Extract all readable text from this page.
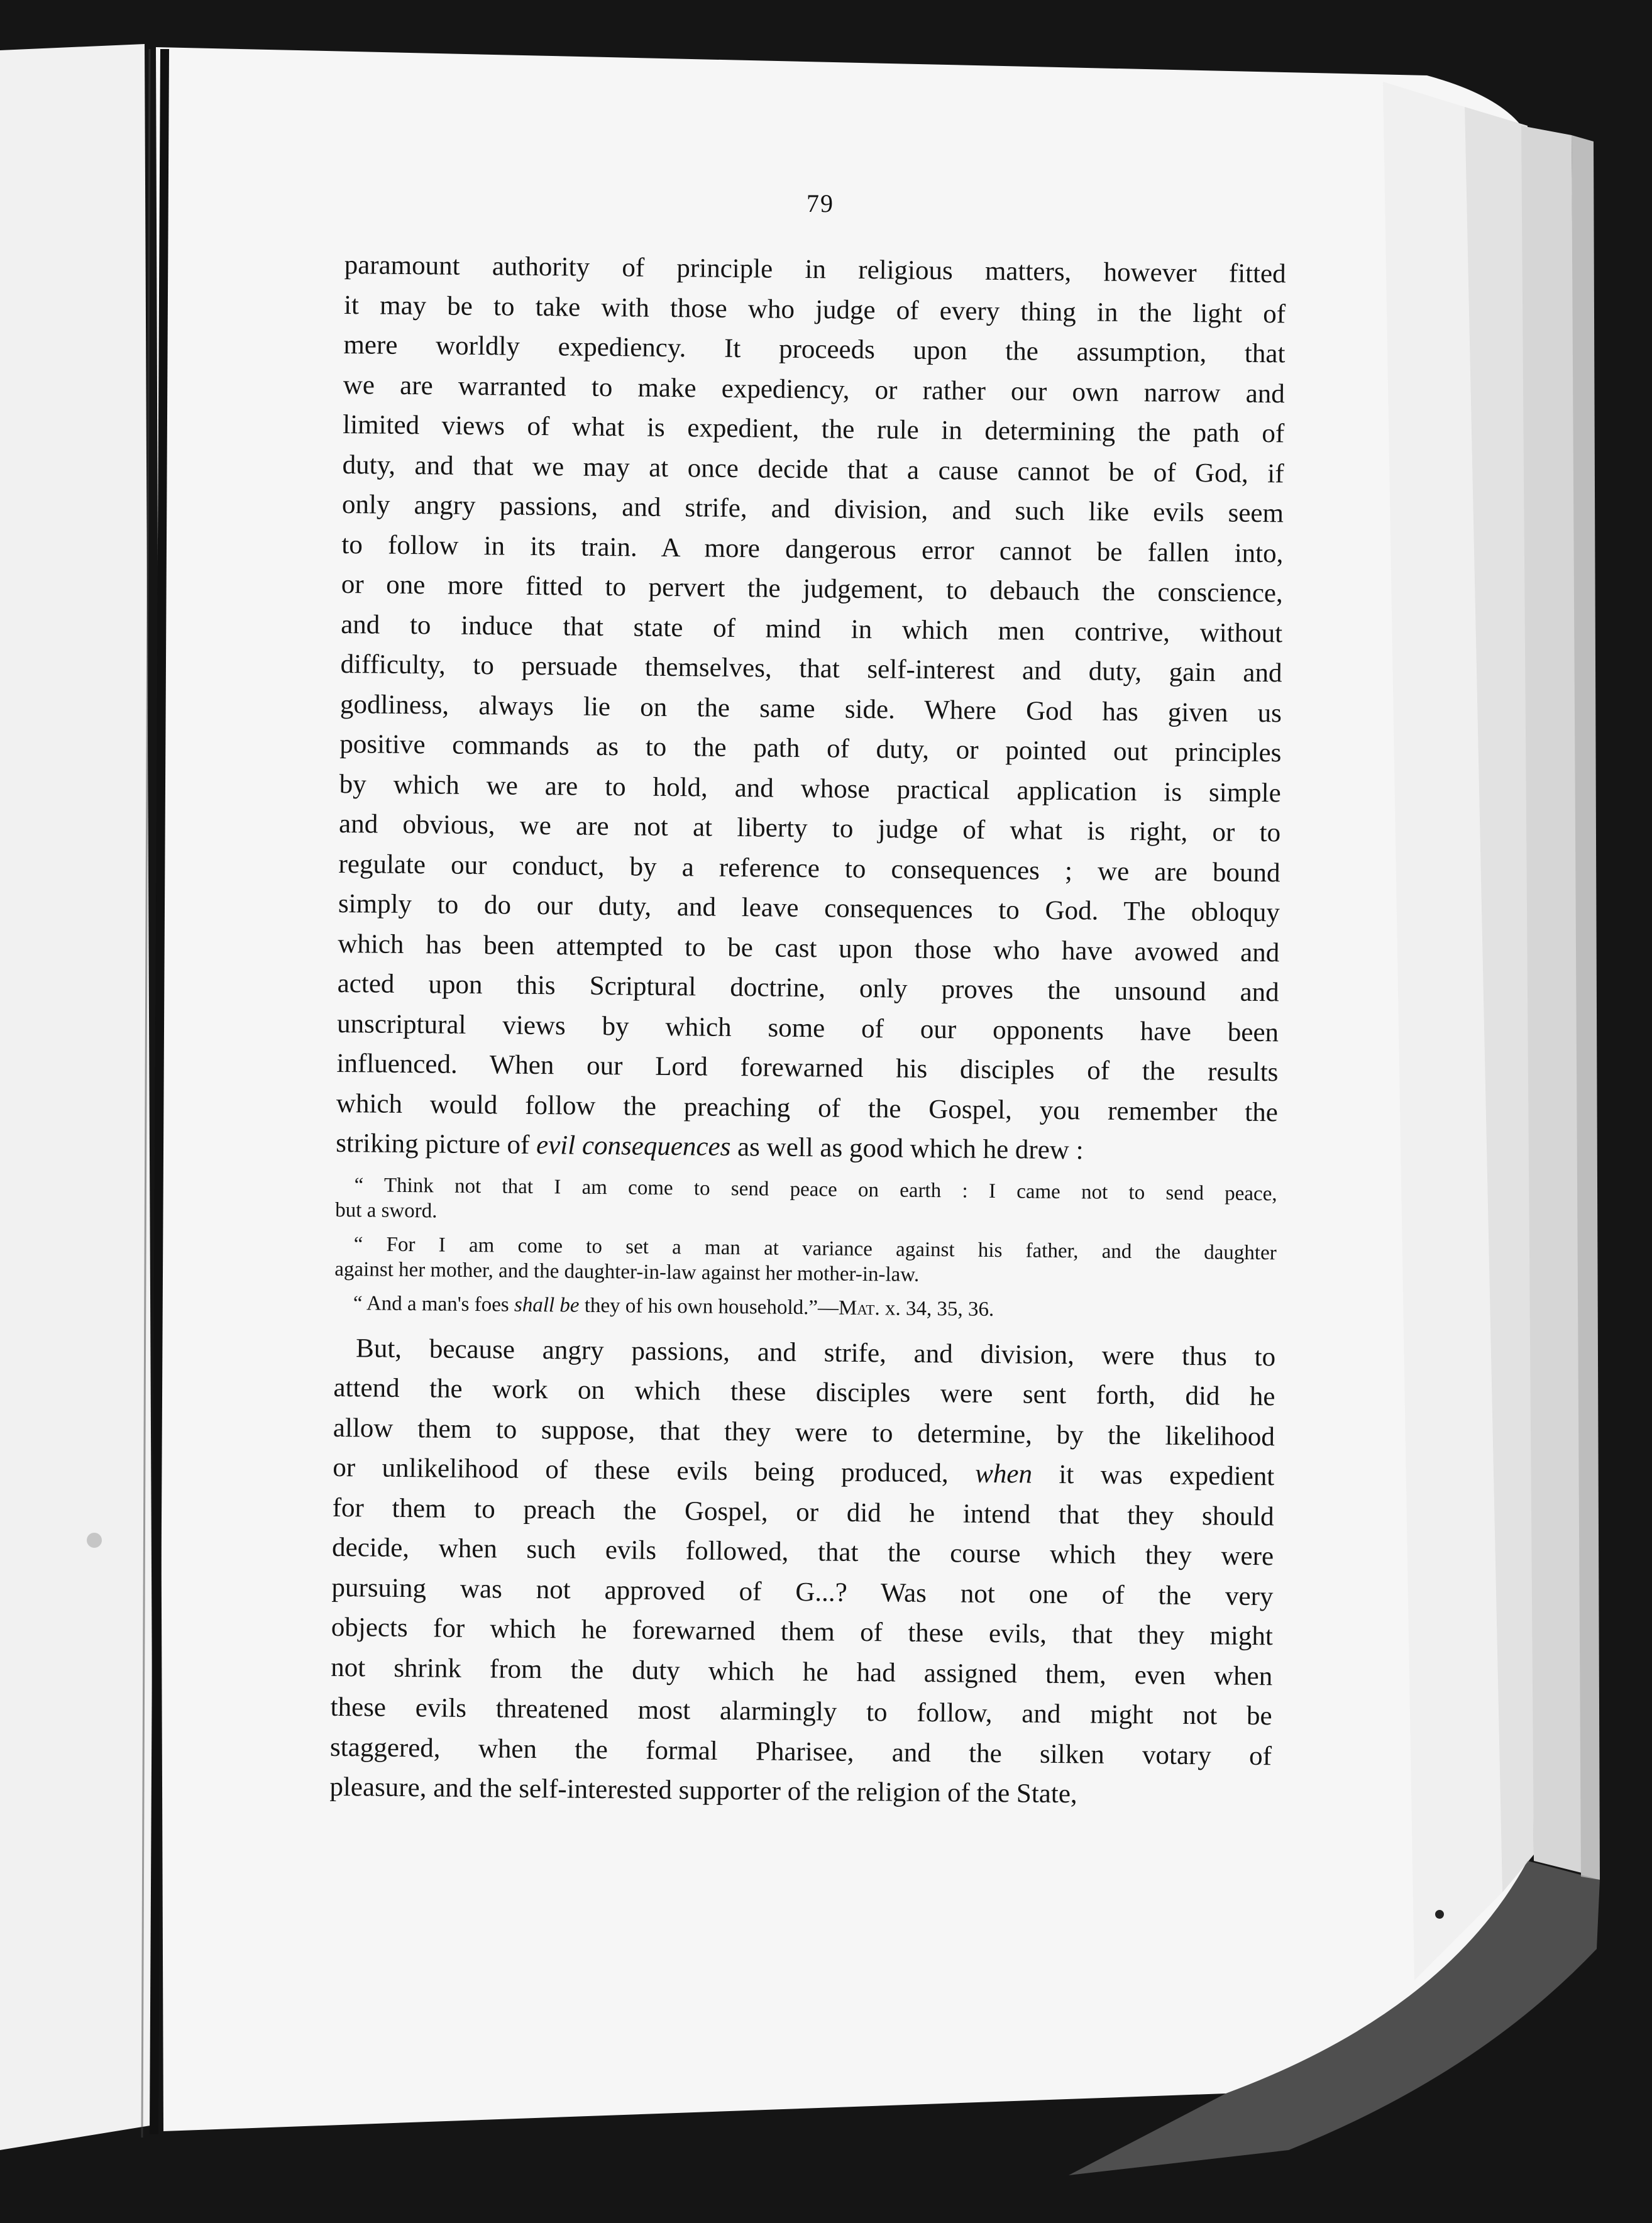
79
paramount authority of principle in religious matters, however fitted
it may be to take with those who judge of every thing in the light of
mere worldly expediency. It proceeds upon the assumption, that
we are warranted to make expediency, or rather our own narrow and
limited views of what is expedient, the rule in determining the path of
duty, and that we may at once decide that a cause cannot be of God, if
only angry passions, and strife, and division, and such like evils seem
to follow in its train. A more dangerous error cannot be fallen into,
or one more fitted to pervert the judgement, to debauch the conscience,
and to induce that state of mind in which men contrive, without
difficulty, to persuade themselves, that self-interest and duty, gain and
godliness, always lie on the same side. Where God has given us
positive commands as to the path of duty, or pointed out principles
by which we are to hold, and whose practical application is simple
and obvious, we are not at liberty to judge of what is right, or to
regulate our conduct, by a reference to consequences ; we are bound
simply to do our duty, and leave consequences to God. The obloquy
which has been attempted to be cast upon those who have avowed and
acted upon this Scriptural doctrine, only proves the unsound and
unscriptural views by which some of our opponents have been
influenced. When our Lord forewarned his disciples of the results
which would follow the preaching of the Gospel, you remember the
striking picture of evil consequences as well as good which he drew :
“ Think not that I am come to send peace on earth : I came not to send peace,
but a sword.
“ For I am come to set a man at variance against his father, and the daughter
against her mother, and the daughter-in-law against her mother-in-law.
“ And a man's foes shall be they of his own household.”—Mat. x. 34, 35, 36.
But, because angry passions, and strife, and division, were thus to
attend the work on which these disciples were sent forth, did he
allow them to suppose, that they were to determine, by the likelihood
or unlikelihood of these evils being produced, when it was expedient
for them to preach the Gospel, or did he intend that they should
decide, when such evils followed, that the course which they were
pursuing was not approved of G...? Was not one of the very
objects for which he forewarned them of these evils, that they might
not shrink from the duty which he had assigned them, even when
these evils threatened most alarmingly to follow, and might not be
staggered, when the formal Pharisee, and the silken votary of
pleasure, and the self-interested supporter of the religion of the State,
